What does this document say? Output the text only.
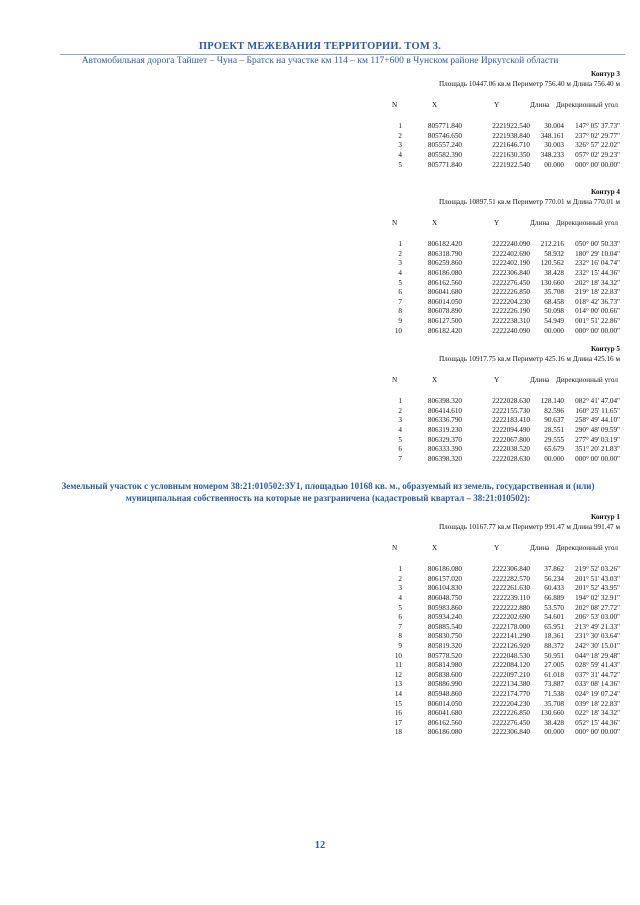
ПРОЕКТ МЕЖЕВАНИЯ ТЕРРИТОРИИ. ТОМ 3.
Автомобильная дорога Тайшет – Чуна – Братск на участке км 114 – км 117+600 в Чунском районе Иркутской области
Контур 3
Площадь 10447.06 кв.м Периметр 756.40 м Длина 756.40 м
N	X	Y	Длина Дирекционный угол
1	805771.840	2221922.540	30.004	147° 05' 37.73"
2	805746.650	2221938.840	348.161	237° 02' 29.77"
3	805557.240	2221646.710	30.003	326° 57' 22.02"
4	805582.390	2221630.350	348.233	057° 02' 29.23"
5	805771.840	2221922.540	00.000	000° 00' 00.00"
Контур 4
Площадь 10897.51 кв.м Периметр 770.01 м Длина 770.01 м
N	X	Y	Длина Дирекционный угол
1	806182.420	2222240.090	212.216	050° 00' 50.33"
2	806318.790	2222402.690	58.932	180° 29' 10.04"
3	806259.860	2222402.190	120.562	232° 16' 04.74"
4	806186.080	2222306.840	38.428	232° 15' 44.36"
5	806162.560	2222276.450	130.660	202° 18' 34.32"
6	806041.680	2222226.850	35.708	219° 18' 22.83"
7	806014.050	2222204.230	68.458	018° 42' 36.73"
8	806078.890	2222226.190	50.098	014° 00' 00.66"
9	806127.500	2222238.310	54.949	001° 51' 22.86"
10	806182.420	2222240.090	00.000	000° 00' 00.00"
Контур 5
Площадь 10917.75 кв.м Периметр 425.16 м Длина 425.16 м
N	X	Y	Длина Дирекционный угол
1	806398.320	2222028.630	128.140	082° 41' 47.04"
2	806414.610	2222155.730	82.596	160° 25' 11.65"
3	806336.790	2222183.410	90.637	258° 49' 44.10"
4	806319.230	2222094.490	28.551	290° 48' 09.59"
5	806329.370	2222067.800	29.555	277° 49' 03.19"
6	806333.390	2222038.520	65.679	351° 20' 21.83"
7	806398.320	2222028.630	00.000	000° 00' 00.00"
Земельный участок с условным номером 38:21:010502:ЗУ1, площадью 10168 кв. м., образуемый из земель, государственная и (или) муниципальная собственность на которые не разграничена (кадастровый квартал – 38:21:010502):
Контур 1
Площадь 10167.77 кв.м Периметр 991.47 м Длина 991.47 м
N	X	Y	Длина Дирекционный угол
1	806186.080	2222306.840	37.862	219° 52' 03.26"
2	806157.020	2222282.570	56.234	201° 51' 43.03"
3	806104.830	2222261.630	60.433	201° 52' 43.95"
4	806048.750	2222239.110	66.889	194° 02' 32.91"
5	805983.860	2222222.880	53.570	202° 08' 27.72"
6	805934.240	2222202.690	54.601	206° 53' 03.00"
7	805885.540	2222178.000	65.951	213° 49' 21.33"
8	805830.750	2222141.290	18.361	231° 30' 03.64"
9	805819.320	2222126.920	88.372	242° 30' 15.01"
10	805778.520	2222048.530	50.951	044° 18' 29.48"
11	805814.980	2222084.120	27.005	028° 59' 41.43"
12	805838.600	2222097.210	61.018	037° 31' 44.72"
13	805886.990	2222134.380	73.887	033° 08' 14.36"
14	805948.860	2222174.770	71.538	024° 19' 07.24"
15	806014.050	2222204.230	35.708	039° 18' 22.83"
16	806041.680	2222226.850	130.660	022° 18' 34.32"
17	806162.560	2222276.450	38.428	052° 15' 44.36"
18	806186.080	2222306.840	00.000	000° 00' 00.00"
12
